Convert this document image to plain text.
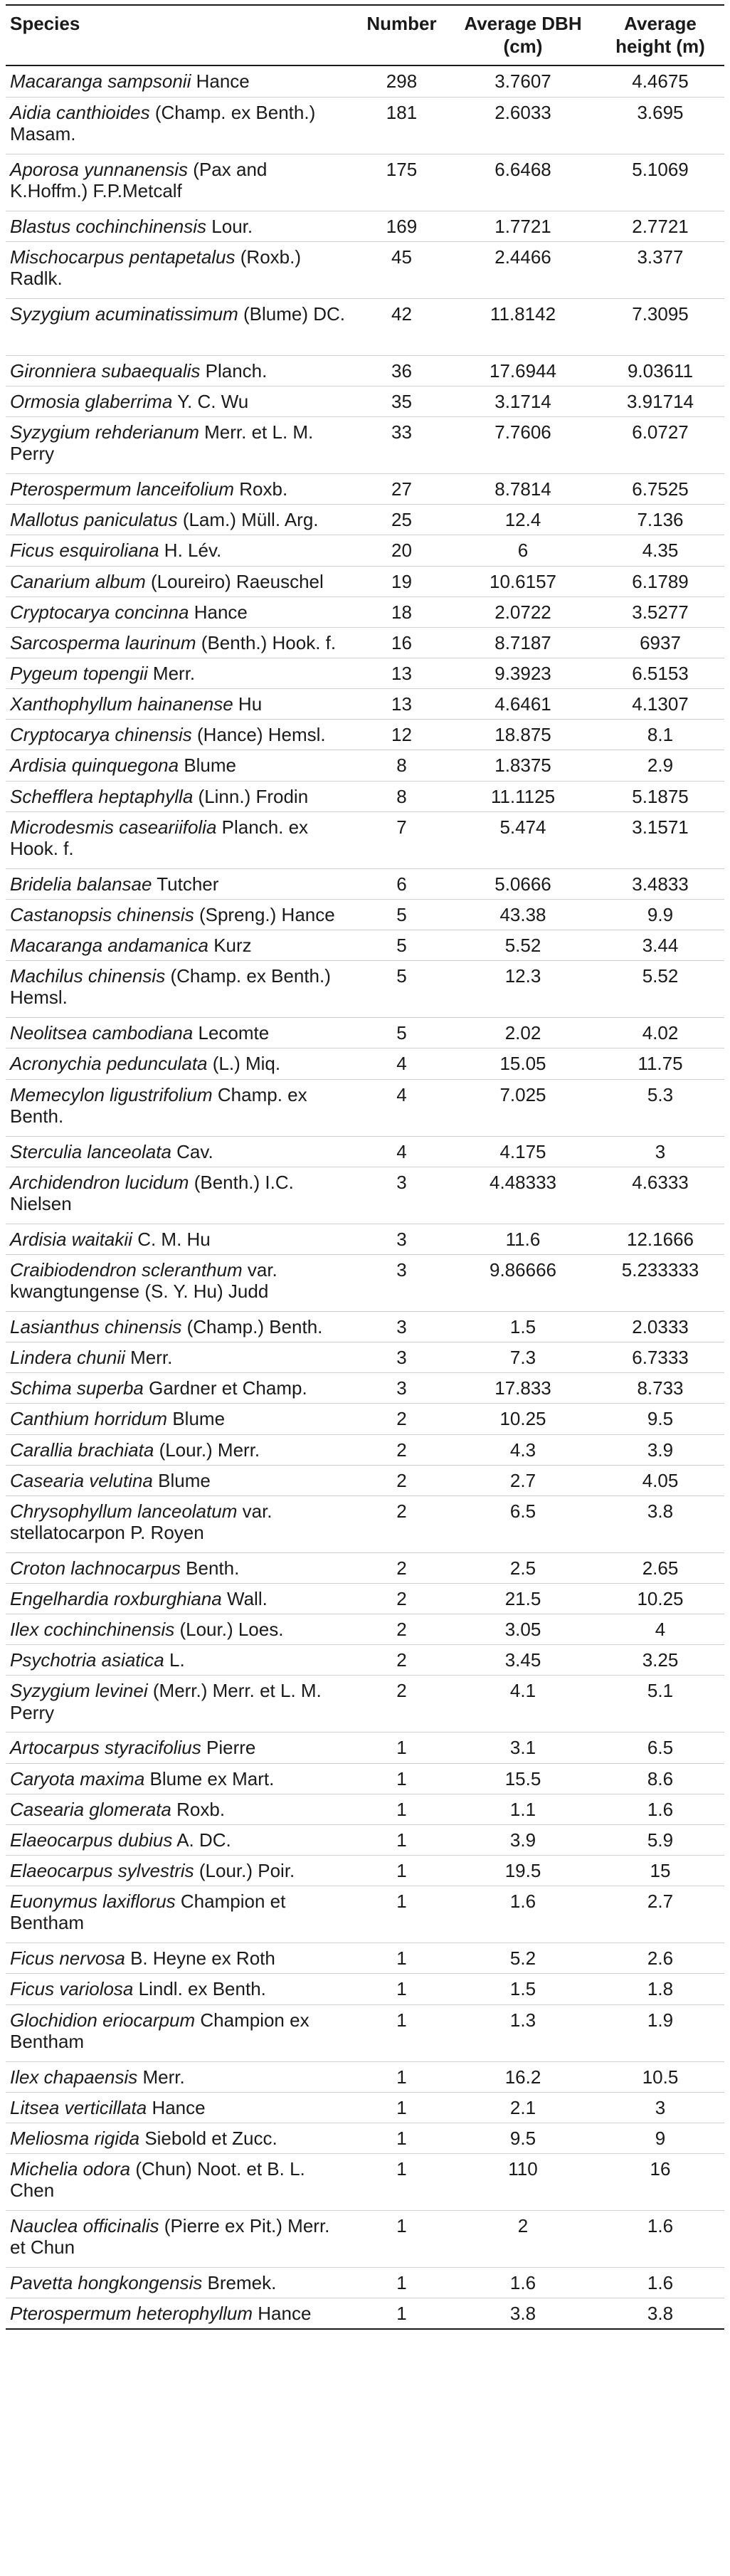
Species	Number	Average DBH (cm)	Average height (m)
Macaranga sampsonii Hance	298	3.7607	4.4675
Aidia canthioides (Champ. ex Benth.) Masam.	181	2.6033	3.695
Aporosa yunnanensis (Pax and K.Hoffm.) F.P.Metcalf	175	6.6468	5.1069
Blastus cochinchinensis Lour.	169	1.7721	2.7721
Mischocarpus pentapetalus (Roxb.) Radlk.	45	2.4466	3.377
Syzygium acuminatissimum (Blume) DC.	42	11.8142	7.3095
Gironniera subaequalis Planch.	36	17.6944	9.03611
Ormosia glaberrima Y. C. Wu	35	3.1714	3.91714
Syzygium rehderianum Merr. et L. M. Perry	33	7.7606	6.0727
Pterospermum lanceifolium Roxb.	27	8.7814	6.7525
Mallotus paniculatus (Lam.) Müll. Arg.	25	12.4	7.136
Ficus esquiroliana H. Lév.	20	6	4.35
Canarium album (Loureiro) Raeuschel	19	10.6157	6.1789
Cryptocarya concinna Hance	18	2.0722	3.5277
Sarcosperma laurinum (Benth.) Hook. f.	16	8.7187	6937
Pygeum topengii Merr.	13	9.3923	6.5153
Xanthophyllum hainanense Hu	13	4.6461	4.1307
Cryptocarya chinensis (Hance) Hemsl.	12	18.875	8.1
Ardisia quinquegona Blume	8	1.8375	2.9
Schefflera heptaphylla (Linn.) Frodin	8	11.1125	5.1875
Microdesmis caseariifolia Planch. ex Hook. f.	7	5.474	3.1571
Bridelia balansae Tutcher	6	5.0666	3.4833
Castanopsis chinensis (Spreng.) Hance	5	43.38	9.9
Macaranga andamanica Kurz	5	5.52	3.44
Machilus chinensis (Champ. ex Benth.) Hemsl.	5	12.3	5.52
Neolitsea cambodiana Lecomte	5	2.02	4.02
Acronychia pedunculata (L.) Miq.	4	15.05	11.75
Memecylon ligustrifolium Champ. ex Benth.	4	7.025	5.3
Sterculia lanceolata Cav.	4	4.175	3
Archidendron lucidum (Benth.) I.C. Nielsen	3	4.48333	4.6333
Ardisia waitakii C. M. Hu	3	11.6	12.1666
Craibiodendron scleranthum var. kwangtungense (S. Y. Hu) Judd	3	9.86666	5.233333
Lasianthus chinensis (Champ.) Benth.	3	1.5	2.0333
Lindera chunii Merr.	3	7.3	6.7333
Schima superba Gardner et Champ.	3	17.833	8.733
Canthium horridum Blume	2	10.25	9.5
Carallia brachiata (Lour.) Merr.	2	4.3	3.9
Casearia velutina Blume	2	2.7	4.05
Chrysophyllum lanceolatum var. stellatocarpon P. Royen	2	6.5	3.8
Croton lachnocarpus Benth.	2	2.5	2.65
Engelhardia roxburghiana Wall.	2	21.5	10.25
Ilex cochinchinensis (Lour.) Loes.	2	3.05	4
Psychotria asiatica L.	2	3.45	3.25
Syzygium levinei (Merr.) Merr. et L. M. Perry	2	4.1	5.1
Artocarpus styracifolius Pierre	1	3.1	6.5
Caryota maxima Blume ex Mart.	1	15.5	8.6
Casearia glomerata Roxb.	1	1.1	1.6
Elaeocarpus dubius A. DC.	1	3.9	5.9
Elaeocarpus sylvestris (Lour.) Poir.	1	19.5	15
Euonymus laxiflorus Champion et Bentham	1	1.6	2.7
Ficus nervosa B. Heyne ex Roth	1	5.2	2.6
Ficus variolosa Lindl. ex Benth.	1	1.5	1.8
Glochidion eriocarpum Champion ex Bentham	1	1.3	1.9
Ilex chapaensis Merr.	1	16.2	10.5
Litsea verticillata Hance	1	2.1	3
Meliosma rigida Siebold et Zucc.	1	9.5	9
Michelia odora (Chun) Noot. et B. L. Chen	1	110	16
Nauclea officinalis (Pierre ex Pit.) Merr. et Chun	1	2	1.6
Pavetta hongkongensis Bremek.	1	1.6	1.6
Pterospermum heterophyllum Hance	1	3.8	3.8
